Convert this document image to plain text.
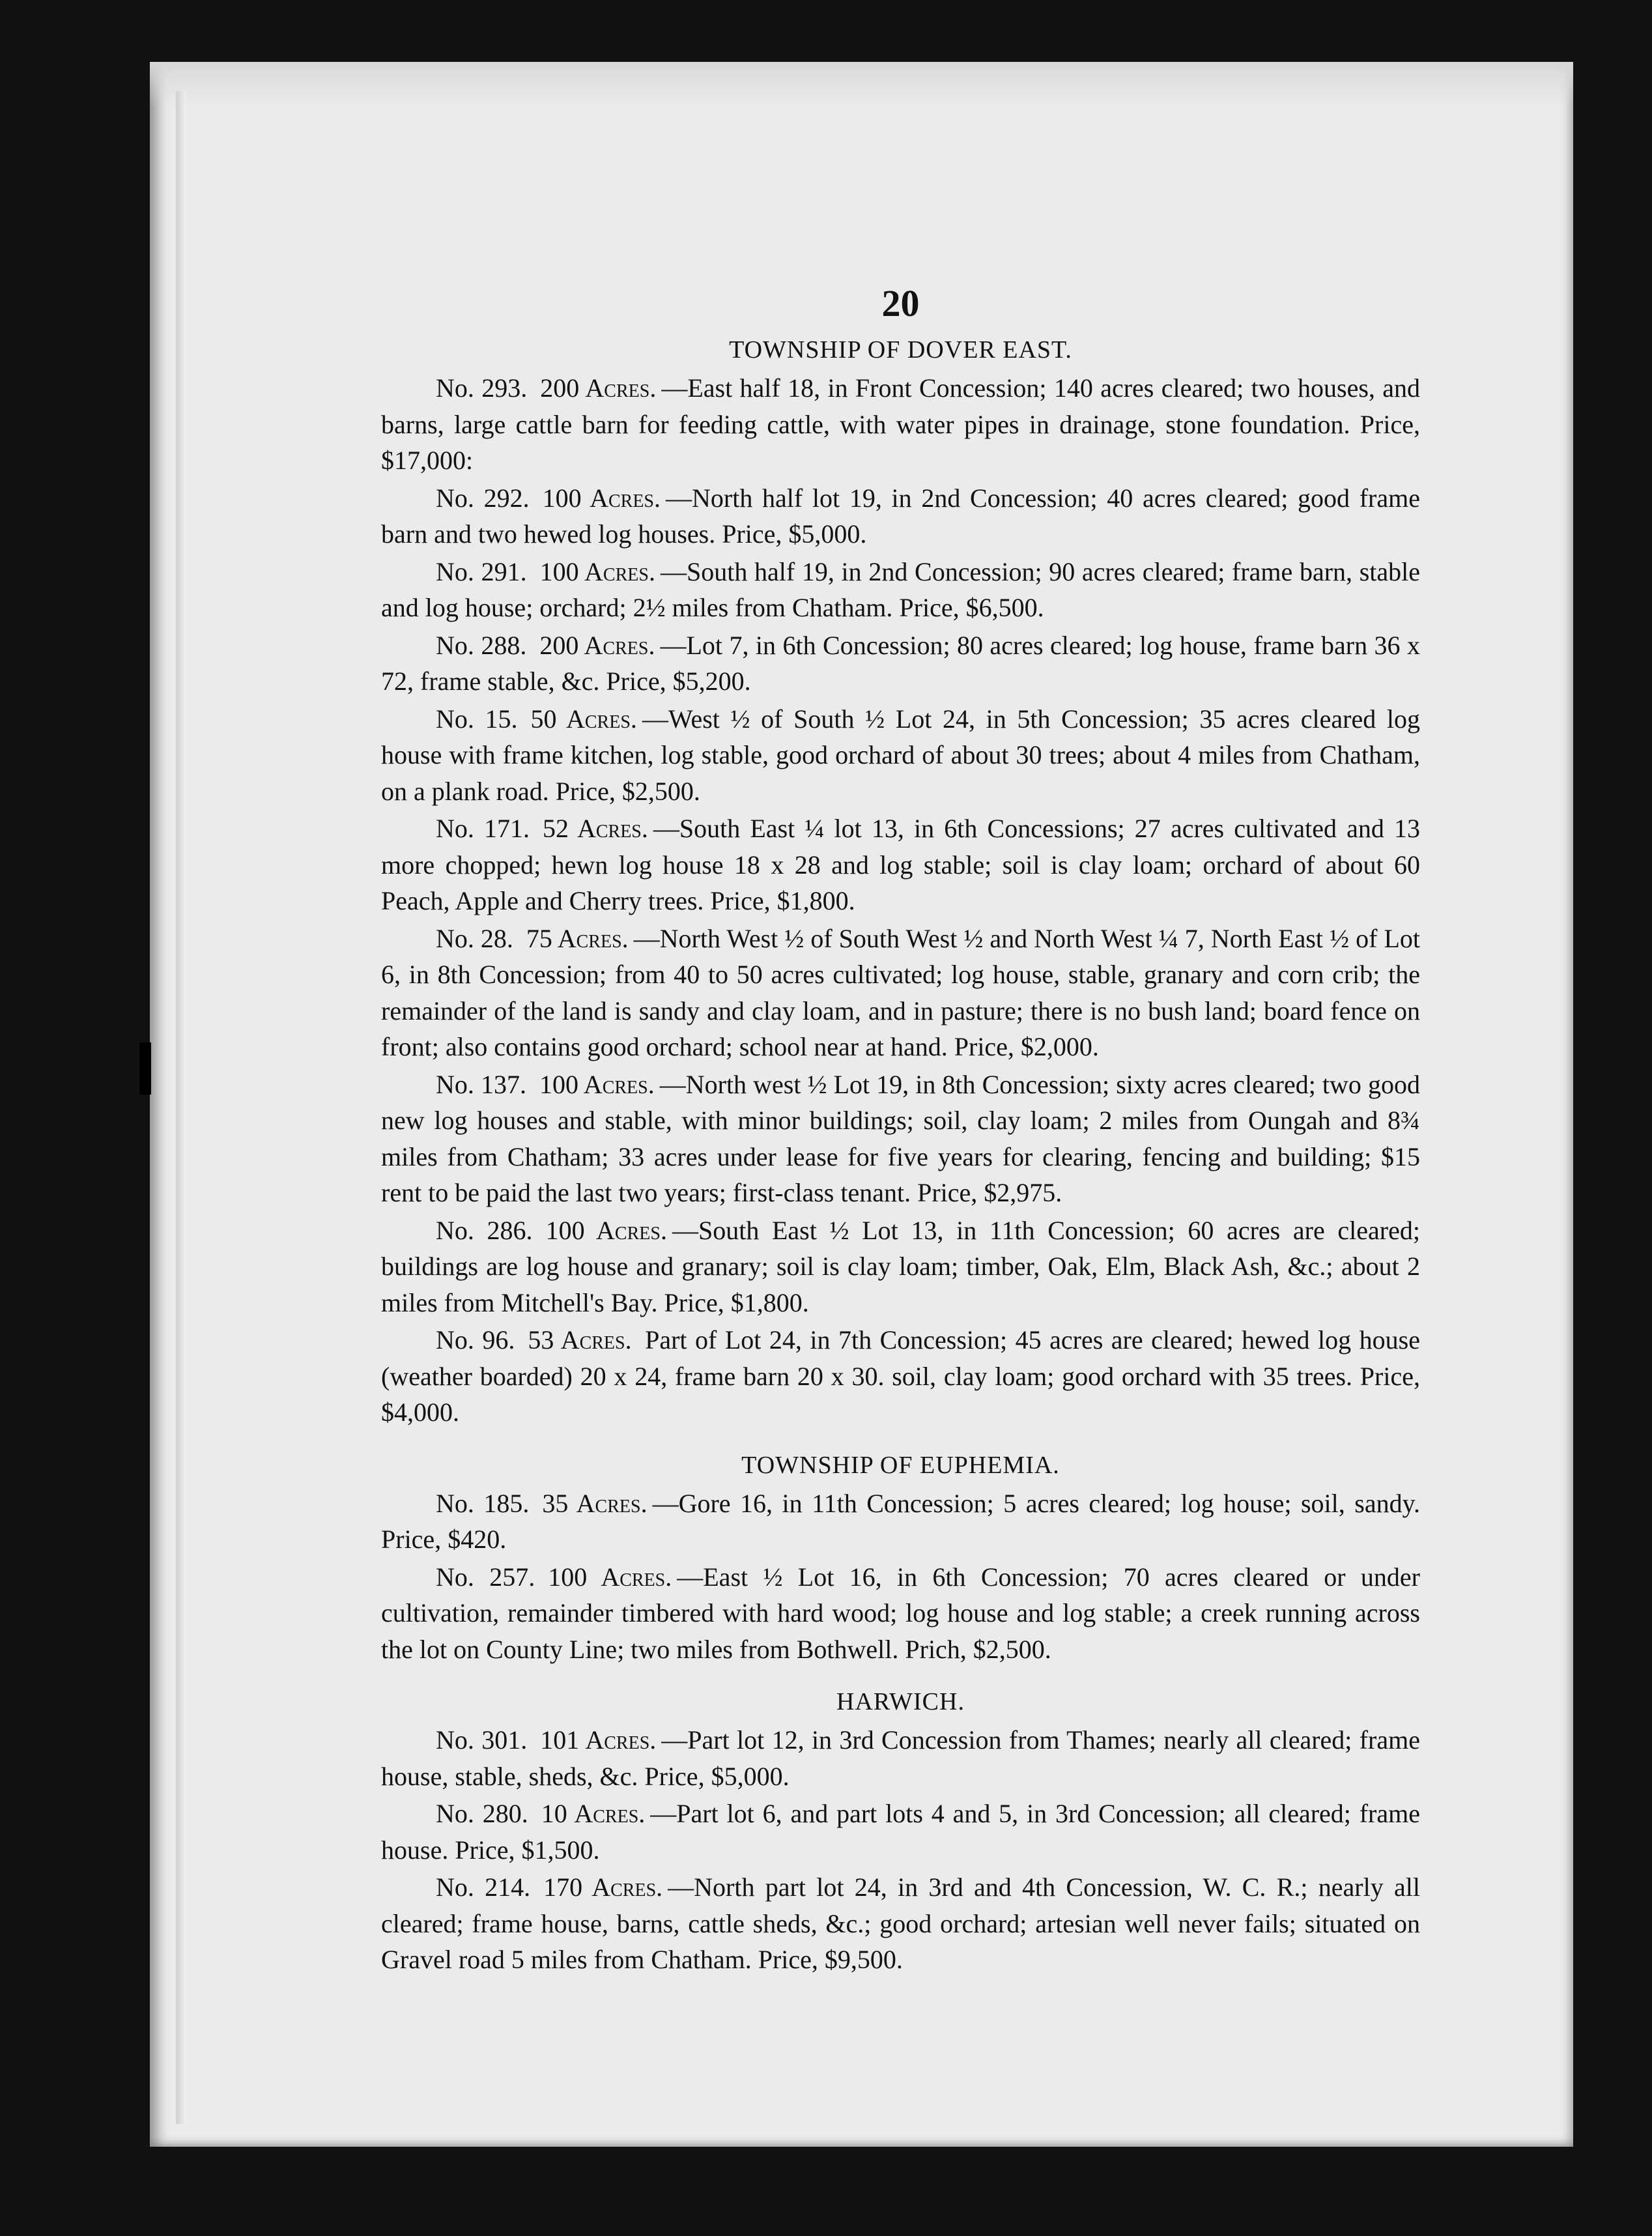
20
TOWNSHIP OF DOVER EAST.

No. 293. 200 Acres. —East half 18, in Front Concession; 140 acres cleared; two houses, and barns, large cattle barn for feeding cattle, with water pipes in drainage, stone foundation. Price, $17,000:

No. 292. 100 Acres. —North half lot 19, in 2nd Concession; 40 acres cleared; good frame barn and two hewed log houses. Price, $5,000.

No. 291. 100 Acres. —South half 19, in 2nd Concession; 90 acres cleared; frame barn, stable and log house; orchard; 2½ miles from Chatham. Price, $6,500.

No. 288. 200 Acres. —Lot 7, in 6th Concession; 80 acres cleared; log house, frame barn 36 x 72, frame stable, &c. Price, $5,200.

No. 15. 50 Acres. —West ½ of South ½ Lot 24, in 5th Concession; 35 acres cleared log house with frame kitchen, log stable, good orchard of about 30 trees; about 4 miles from Chatham, on a plank road. Price, $2,500.

No. 171. 52 Acres. —South East ¼ lot 13, in 6th Concessions; 27 acres cultivated and 13 more chopped; hewn log house 18 x 28 and log stable; soil is clay loam; orchard of about 60 Peach, Apple and Cherry trees. Price, $1,800.

No. 28. 75 Acres. —North West ½ of South West ½ and North West ¼ 7, North East ½ of Lot 6, in 8th Concession; from 40 to 50 acres cultivated; log house, stable, granary and corn crib; the remainder of the land is sandy and clay loam, and in pasture; there is no bush land; board fence on front; also contains good orchard; school near at hand. Price, $2,000.

No. 137. 100 Acres. —North west ½ Lot 19, in 8th Concession; sixty acres cleared; two good new log houses and stable, with minor buildings; soil, clay loam; 2 miles from Oungah and 8¾ miles from Chatham; 33 acres under lease for five years for clearing, fencing and building; $15 rent to be paid the last two years; first-class tenant. Price, $2,975.

No. 286. 100 Acres. —South East ½ Lot 13, in 11th Concession; 60 acres are cleared; buildings are log house and granary; soil is clay loam; timber, Oak, Elm, Black Ash, &c.; about 2 miles from Mitchell's Bay. Price, $1,800.

No. 96. 53 Acres. Part of Lot 24, in 7th Concession; 45 acres are cleared; hewed log house (weather boarded) 20 x 24, frame barn 20 x 30. soil, clay loam; good orchard with 35 trees. Price, $4,000.

TOWNSHIP OF EUPHEMIA.

No. 185. 35 Acres. —Gore 16, in 11th Concession; 5 acres cleared; log house; soil, sandy. Price, $420.

No. 257. 100 Acres. —East ½ Lot 16, in 6th Concession; 70 acres cleared or under cultivation, remainder timbered with hard wood; log house and log stable; a creek running across the lot on County Line; two miles from Bothwell. Prich, $2,500.

HARWICH.

No. 301. 101 Acres. —Part lot 12, in 3rd Concession from Thames; nearly all cleared; frame house, stable, sheds, &c. Price, $5,000.

No. 280. 10 Acres. —Part lot 6, and part lots 4 and 5, in 3rd Concession; all cleared; frame house. Price, $1,500.

No. 214. 170 Acres. —North part lot 24, in 3rd and 4th Concession, W. C. R.; nearly all cleared; frame house, barns, cattle sheds, &c.; good orchard; artesian well never fails; situated on Gravel road 5 miles from Chatham. Price, $9,500.
